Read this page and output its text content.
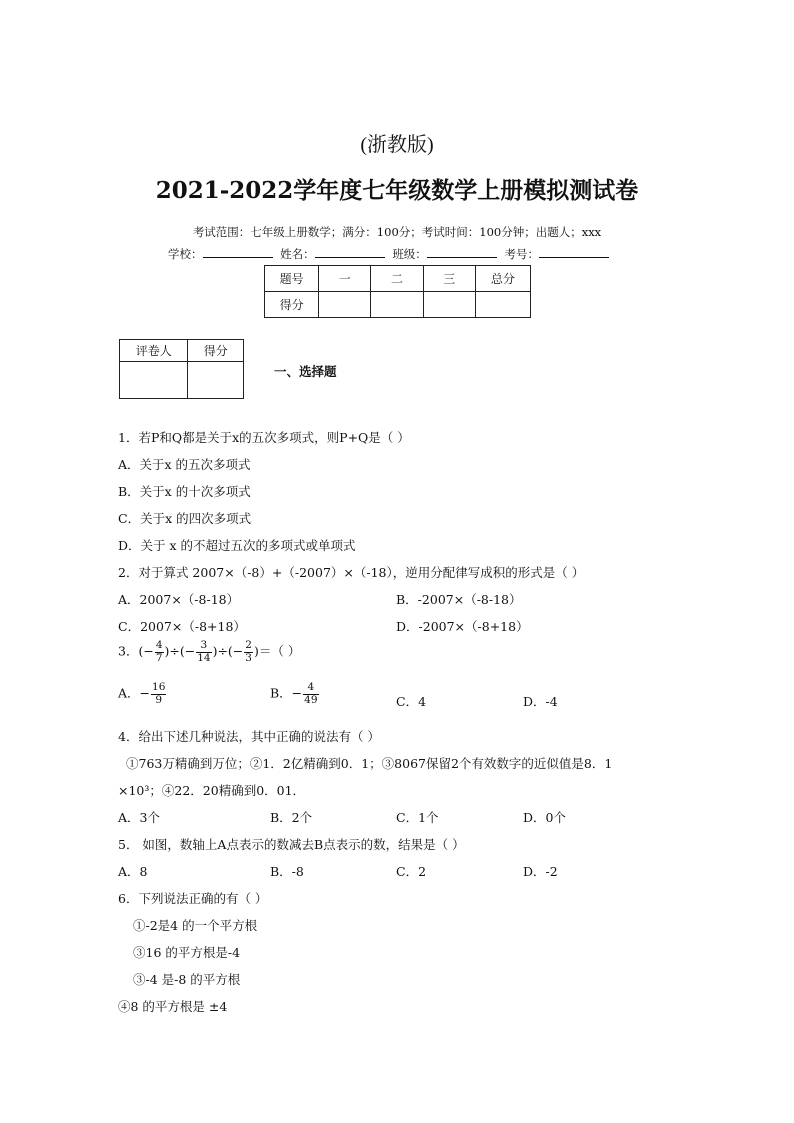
(浙教版)
2021-2022学年度七年级数学上册模拟测试卷
考试范围：七年级上册数学；满分：100分；考试时间：100分钟；出题人；xxx
学校：	姓名：	班级：	考号：
题号	一	二	三	总分
得分				
评卷人	得分

一、选择题
1．若P和Q都是关于x的五次多项式，则P+Q是（ ）
A．关于x 的五次多项式
B．关于x 的十次多项式
C．关于x 的四次多项式
D．关于 x 的不超过五次的多项式或单项式
2．对于算式 2007×（-8）+（-2007）×（-18），逆用分配律写成积的形式是（ ）
A．2007×（-8-18）	B．-2007×（-8-18）
C．2007×（-8+18）	D．-2007×（-8+18）
3．(− $\frac{4}{7}$ )÷(− $\frac{3}{14}$ )÷(− $\frac{2}{3}$ )＝（ ）
A．− $\frac{16}{9}$	B．− $\frac{4}{49}$	C．4	D．-4
4．给出下述几种说法，其中正确的说法有（ ）
①763万精确到万位；②1．2亿精确到0．1；③8067保留2个有效数字的近似值是8．1
×10³；④22．20精确到0．01．
A．3个	B．2个	C．1个	D．0个
5． 如图，数轴上A点表示的数减去B点表示的数，结果是（ ）
A．8	B．-8	C．2	D．-2
6．下列说法正确的有（ ）
①-2是4 的一个平方根
③16 的平方根是-4
③-4 是-8 的平方根
④8 的平方根是 ±4
